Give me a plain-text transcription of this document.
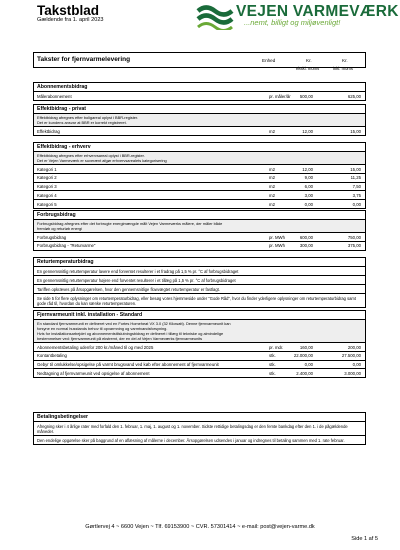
Takstblad
Gældende fra 1. april 2023	VEJEN VARMEVÆRK
...nemt, billigt og miljøvenligt!
Takster for fjernvarmelevering	Enhed	Kr.	Kr.
ekskl. moms	inkl. moms
Abonnementsbidrag
Målerabonnement	pr. måler/år 500,00	625,00
Effektbidrag - privat
Effektbidrag afregnes efter boligareal oplyst i BBR-register.
Det er kundens ansvar at BBR er korrekt registreret.
Effektbidrag	m2	12,00	15,00
Effektbidrag - erhverv
Effektbidrag afregnes efter erhvervsareal oplyst i BBR-register.
Det er Vejen Varmeværk er suverænt afgør erhvervsarealets kategorisering
Kategori 1	m2	12,00	15,00
Kategori 2	m2	9,00	11,25
Kategori 3	m2	6,00	7,50
Kategori 4	m2	3,00	3,75
Kategori 5	m2	0,00	0,00
Forbrugsbidrag
Forbrugsbidrag afregnes efter det forbrugte energimængde målt Vejen Varmeværks målere, der måler både
fremløb og returløb energi
Forbrugsbidrag	pr. MWh	600,00	750,00
Forbrugsbidrag - "Returvarme"	pr. MWh	300,00	375,00
Returtemperaturbidrag
En gennemsnitlig returtemperatur lavere end forventet resulterer i et fradrag på 1,5 % pr. °C af forbrugsbidraget
En gennemsnitlig returtemperatur højere end forventet resulterer i et tillæg på 1,5 % pr. °C af forbrugsbidraget
Tariffen opkræves på årsopgørelsen, hvor den gennemsnitlige flowvægtet returtemperatur er fastlagt.
Se side 5 for flere oplysninger om returtemperaturbidrag, eller besøg vores hjemmeside under "Gode Råd", hvor du finder yderligere oplysninger om returtemperaturbidrag samt gode råd til, hvordan du kan sænke returtemperaturen.
Fjernvarmeunit inkl. installation - Standard
En standard fjernvarmeunit er defineret ved en Fortes Homeheat VX 3.0 (32 Kilowatt). Denne fjernvarmeunit kan
forsyne en normal husstands behov til opvarmning og varmtvandsforsyning.
Hvis for installationsarbejdet og abonnementstilslutningsbidrag er defineret i tillæg til tekniske og almindelige
bestemmelser ved: fjernvarmeunit på ekstremt, der en del af Vejen Varmeværks fjernvarmeunits
Abonnementsbetaling udenfor 200 kr./måned til og med 2025	pr. mdr.	160,00	200,00
Kontantbetaling	stk.	22.000,00	27.500,00
Gebyr til omlukkelse/opsigelse på varmt brugsvand ved køb efter abonnement af fjernvarmeunit	stk.	0,00	0,00
Nedtagning af fjernvarmeunit ved opsigelse af abonnement	stk.	2.400,00	3.000,00
Betalingsbetingelser
Afregning sker i 4 årlige rater med forfald den 1. februar, 1. maj, 1. august og 1. november. Sidste rettidige betalingsdag er den femte bankdag efter den 1. i de pågældende måneder.
Den endelige opgørelse sker på baggrund af en aflæsning af målerne i december. Årsopgørelsen udsendes i januar og indregnes til betaling sammen med 1. rate februar.
Gørtlervej 4 ~ 6600 Vejen ~ Tlf. 69153900 ~ CVR. 57301414 ~ e-mail: post@vejen-varme.dk
Side 1 af 5
